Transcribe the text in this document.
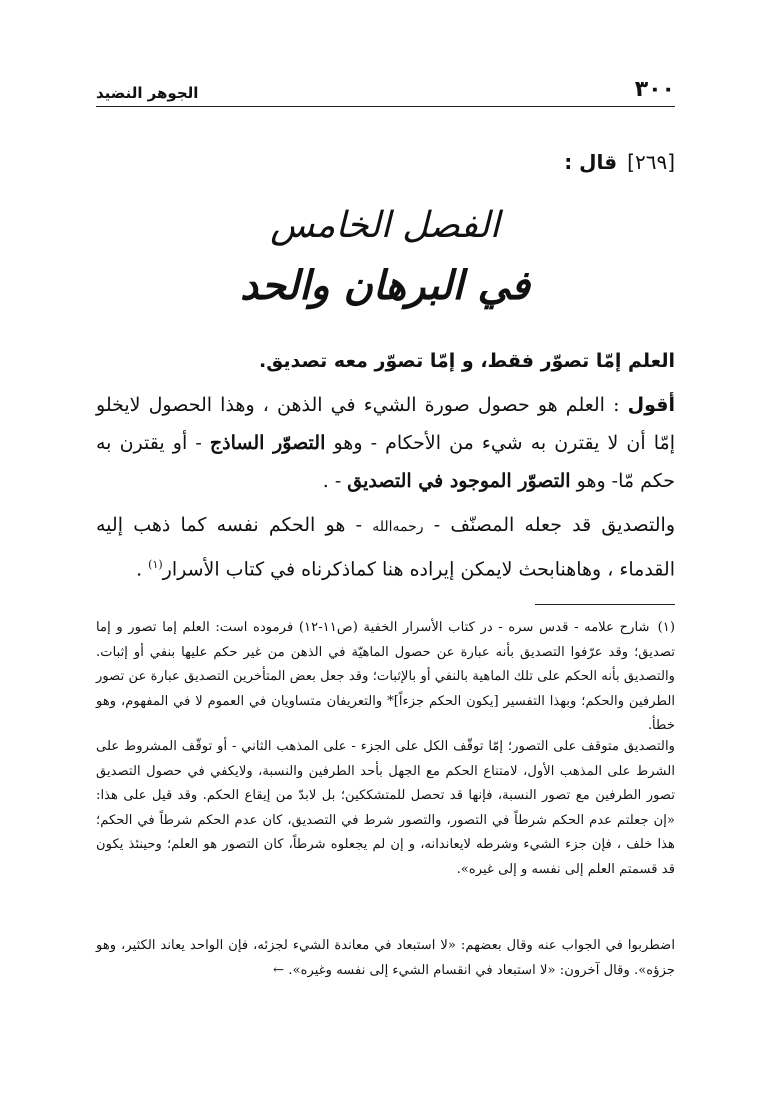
الجوهر النضيد	٣٠٠
[٢٦٩]
قال :
الفصل الخامس
في البرهان والحد
العلم إمّا تصوّر فقط، و إمّا تصوّر معه تصديق.
أقول : العلم هو حصول صورة الشيء في الذهن ، وهذا الحصول لايخلو إمّا أن لا يقترن به شيء من الأحكام - وهو التصوّر الساذج - أو يقترن به حكم مّا- وهو التصوّر الموجود في التصديق - .
والتصديق قد جعله المصنّف - رحمه‌الله - هو الحكم نفسه كما ذهب إليه القدماء ، وهاهنابحث لايمكن إيراده هنا كماذكرناه في كتاب الأسرار$^{(١)}$ .
(١)شارح علامه - قدس سره - در كتاب الأسرار الخفية (ص١١-١٢) فرموده است: العلم إما تصور و إما تصديق؛ وقد عرّفوا التصديق بأنه عبارة عن حصول الماهيّة في الذهن من غير حكم عليها بنفي أو إثبات. والتصديق بأنه الحكم على تلك الماهية بالنفي أو بالإثبات؛ وقد جعل بعض المتأخرين التصديق عبارة عن تصور الطرفين والحكم؛ وبهذا التفسير [يكون الحكم جزءاً]* والتعريفان متساويان في العموم لا في المفهوم، وهو خطأ.
والتصديق متوقف على التصور؛ إمّا توقّف الكل على الجزء - على المذهب الثاني - أو توقّف المشروط على الشرط على المذهب الأول، لامتناع الحكم مع الجهل بأحد الطرفين والنسبة، ولايكفي في حصول التصديق تصور الطرفين مع تصور النسبة، فإنها قد تحصل للمتشككين؛ بل لابدّ من إيقاع الحكم. وقد قيل على هذا: «إن جعلتم عدم الحكم شرطاً في التصور، والتصور شرط في التصديق، كان عدم الحكم شرطاً في الحكم؛ هذا خلف ، فإن جزء الشيء وشرطه لايعاندانه، و إن لم يجعلوه شرطاً، كان التصور هو العلم؛ وحينئذ يكون قد قسمتم العلم إلى نفسه و إلى غيره».
اضطربوا في الجواب عنه وقال بعضهم: «لا استبعاد في معاندة الشيء لجزئه، فإن الواحد يعاند الكثير، وهو جزؤه». وقال آخرون: «لا استبعاد في انقسام الشيء إلى نفسه وغيره». ←
